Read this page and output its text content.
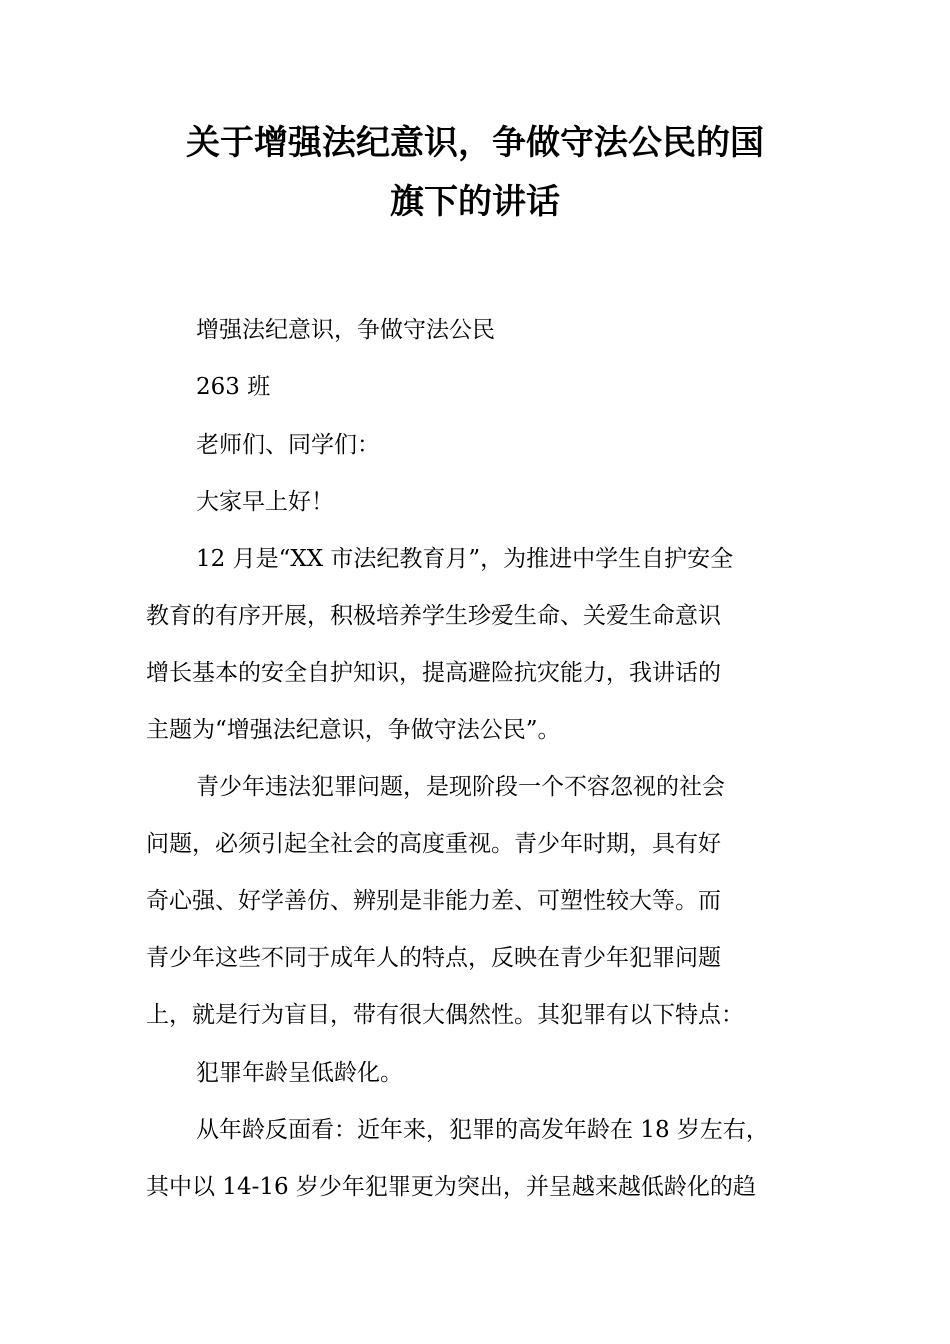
关于增强法纪意识，争做守法公民的国
旗下的讲话
增强法纪意识，争做守法公民
263 班
老师们、同学们：
大家早上好！
12 月是“XX 市法纪教育月”，为推进中学生自护安全
教育的有序开展，积极培养学生珍爱生命、关爱生命意识
增长基本的安全自护知识，提高避险抗灾能力，我讲话的
主题为“增强法纪意识，争做守法公民”。
青少年违法犯罪问题，是现阶段一个不容忽视的社会
问题，必须引起全社会的高度重视。青少年时期，具有好
奇心强、好学善仿、辨别是非能力差、可塑性较大等。而
青少年这些不同于成年人的特点，反映在青少年犯罪问题
上，就是行为盲目，带有很大偶然性。其犯罪有以下特点：
犯罪年龄呈低龄化。
从年龄反面看：近年来，犯罪的高发年龄在 18 岁左右，
其中以 14-16 岁少年犯罪更为突出，并呈越来越低龄化的趋
